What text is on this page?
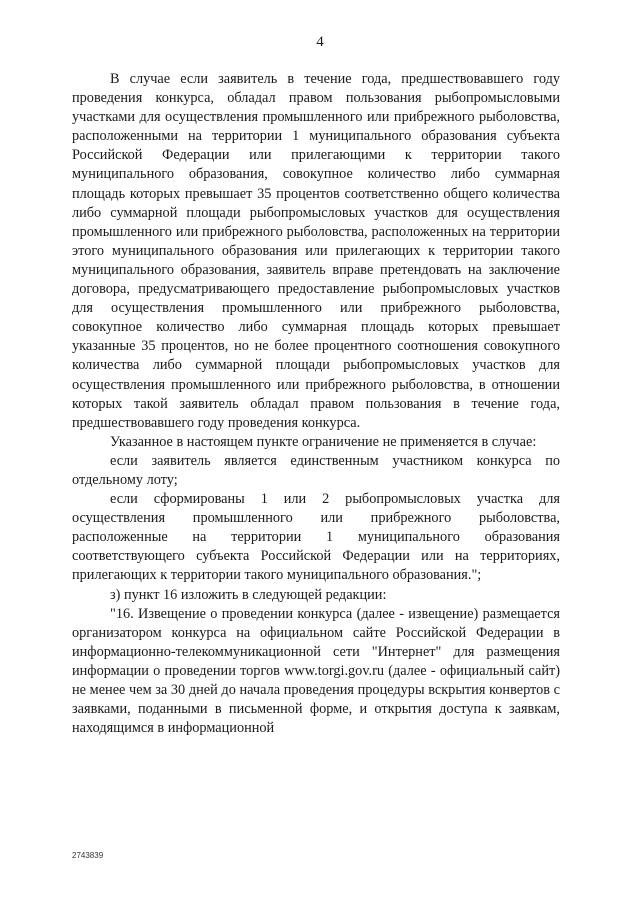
4

В случае если заявитель в течение года, предшествовавшего году проведения конкурса, обладал правом пользования рыбопромысловыми участками для осуществления промышленного или прибрежного рыболовства, расположенными на территории 1 муниципального образования субъекта Российской Федерации или прилегающими к территории такого муниципального образования, совокупное количество либо суммарная площадь которых превышает 35 процентов соответственно общего количества либо суммарной площади рыбопромысловых участков для осуществления промышленного или прибрежного рыболовства, расположенных на территории этого муниципального образования или прилегающих к территории такого муниципального образования, заявитель вправе претендовать на заключение договора, предусматривающего предоставление рыбопромысловых участков для осуществления промышленного или прибрежного рыболовства, совокупное количество либо суммарная площадь которых превышает указанные 35 процентов, но не более процентного соотношения совокупного количества либо суммарной площади рыбопромысловых участков для осуществления промышленного или прибрежного рыболовства, в отношении которых такой заявитель обладал правом пользования в течение года, предшествовавшего году проведения конкурса.

Указанное в настоящем пункте ограничение не применяется в случае:

если заявитель является единственным участником конкурса по отдельному лоту;

если сформированы 1 или 2 рыбопромысловых участка для осуществления промышленного или прибрежного рыболовства, расположенные на территории 1 муниципального образования соответствующего субъекта Российской Федерации или на территориях, прилегающих к территории такого муниципального образования.";

з) пункт 16 изложить в следующей редакции:

"16. Извещение о проведении конкурса (далее - извещение) размещается организатором конкурса на официальном сайте Российской Федерации в информационно-телекоммуникационной сети "Интернет" для размещения информации о проведении торгов www.torgi.gov.ru (далее - официальный сайт) не менее чем за 30 дней до начала проведения процедуры вскрытия конвертов с заявками, поданными в письменной форме, и открытия доступа к заявкам, находящимся в информационной

2743839
